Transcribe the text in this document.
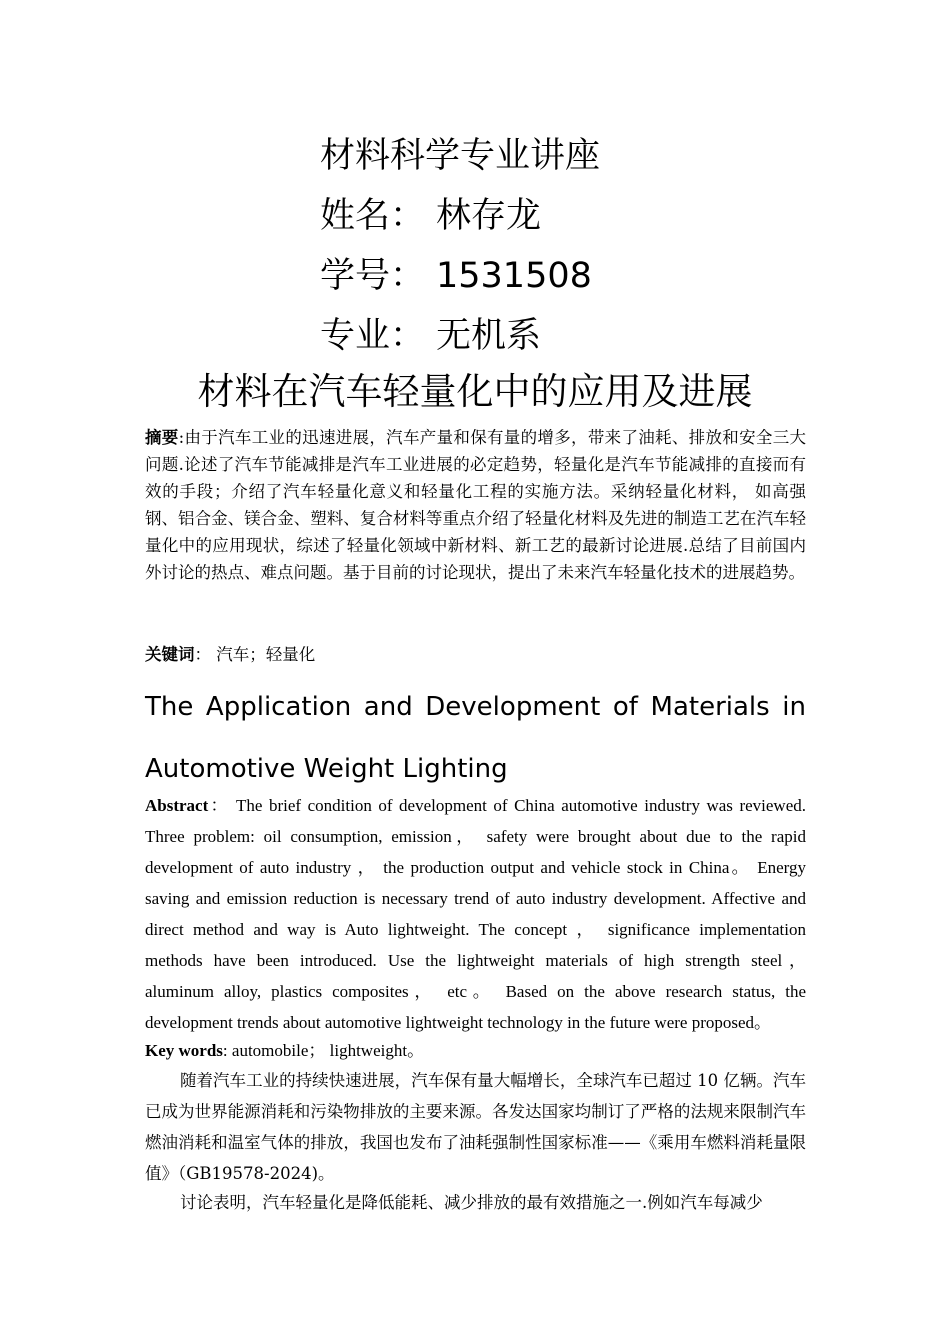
材料科学专业讲座
姓名： 林存龙
学号： 1531508
专业： 无机系
材料在汽车轻量化中的应用及进展
摘要:由于汽车工业的迅速进展，汽车产量和保有量的增多，带来了油耗、排放和安全三大问题.论述了汽车节能减排是汽车工业进展的必定趋势，轻量化是汽车节能减排的直接而有效的手段；介绍了汽车轻量化意义和轻量化工程的实施方法。采纳轻量化材料， 如高强钢、铝合金、镁合金、塑料、复合材料等重点介绍了轻量化材料及先进的制造工艺在汽车轻量化中的应用现状，综述了轻量化领域中新材料、新工艺的最新讨论进展.总结了目前国内外讨论的热点、难点问题。基于目前的讨论现状，提出了未来汽车轻量化技术的进展趋势。
关键词： 汽车；轻量化
The Application and Development of Materials in
Automotive Weight Lighting
Abstract： The brief condition of development of China automotive industry was reviewed.
Three problem: oil consumption, emission， safety were brought about due to the rapid
development of auto industry ， the production output and vehicle stock in China。 Energy
saving and emission reduction is necessary trend of auto industry development. Affective and
direct method and way is Auto lightweight. The concept ， significance implementation
methods have been introduced. Use the lightweight materials of high strength steel，
aluminum alloy, plastics composites， etc。 Based on the above research status, the
development trends about automotive lightweight technology in the future were proposed。
Key words: automobile； lightweight。
随着汽车工业的持续快速进展，汽车保有量大幅增长，全球汽车已超过 10 亿辆。汽车已成为世界能源消耗和污染物排放的主要来源。各发达国家均制订了严格的法规来限制汽车燃油消耗和温室气体的排放，我国也发布了油耗强制性国家标准——《乘用车燃料消耗量限值》（GB19578-2024)。
讨论表明，汽车轻量化是降低能耗、减少排放的最有效措施之一.例如汽车每减少
